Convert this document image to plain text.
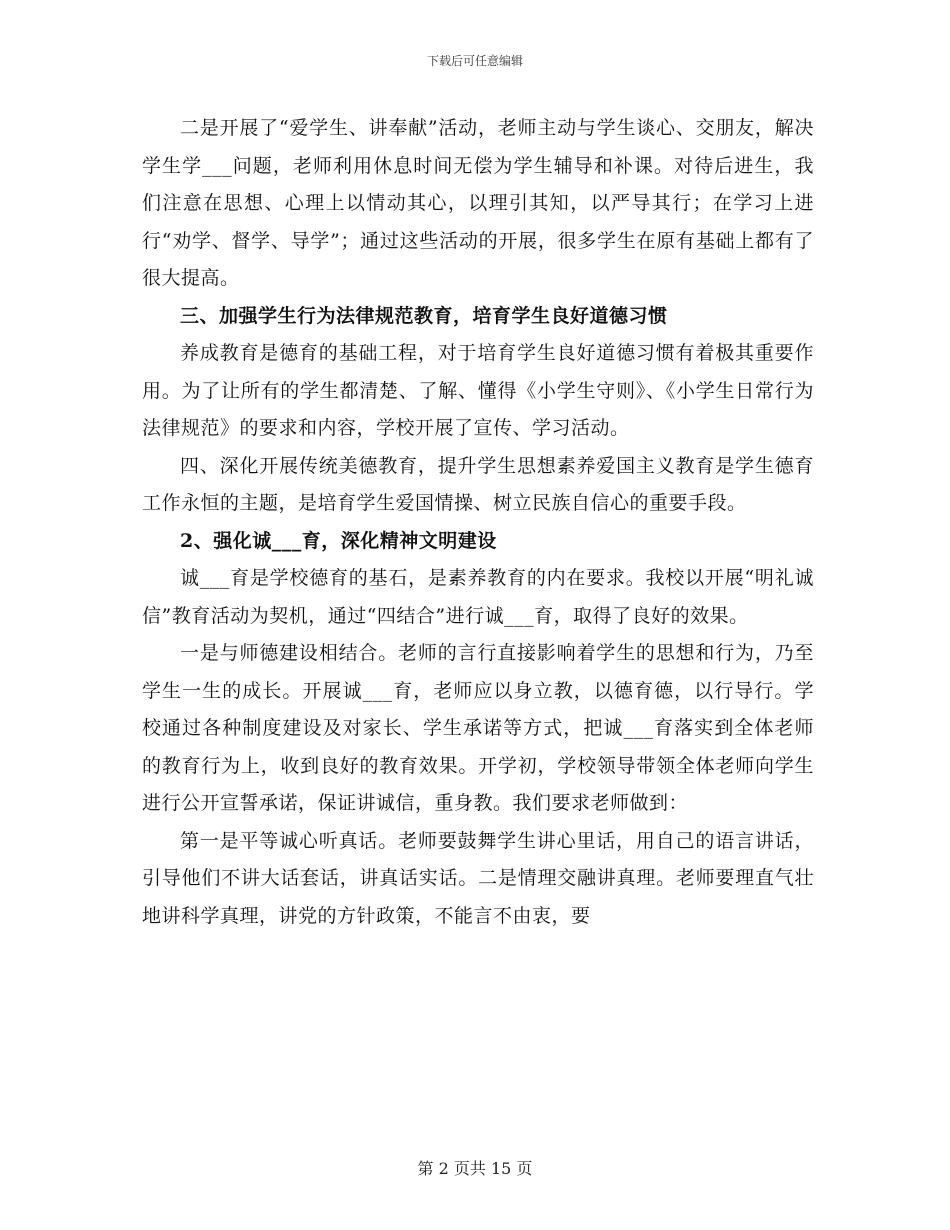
下载后可任意编辑

二是开展了“爱学生、讲奉献”活动，老师主动与学生谈心、交朋友，解决学生学___问题，老师利用休息时间无偿为学生辅导和补课。对待后进生，我们注意在思想、心理上以情动其心，以理引其知，以严导其行；在学习上进行“劝学、督学、导学”；通过这些活动的开展，很多学生在原有基础上都有了很大提高。

三、加强学生行为法律规范教育，培育学生良好道德习惯

养成教育是德育的基础工程，对于培育学生良好道德习惯有着极其重要作用。为了让所有的学生都清楚、了解、懂得《小学生守则》、《小学生日常行为法律规范》的要求和内容，学校开展了宣传、学习活动。

四、深化开展传统美德教育，提升学生思想素养爱国主义教育是学生德育工作永恒的主题，是培育学生爱国情操、树立民族自信心的重要手段。

2、强化诚___育，深化精神文明建设

诚___育是学校德育的基石，是素养教育的内在要求。我校以开展“明礼诚信”教育活动为契机，通过“四结合”进行诚___育，取得了良好的效果。

一是与师德建设相结合。老师的言行直接影响着学生的思想和行为，乃至学生一生的成长。开展诚___育，老师应以身立教，以德育德，以行导行。学校通过各种制度建设及对家长、学生承诺等方式，把诚___育落实到全体老师的教育行为上，收到良好的教育效果。开学初，学校领导带领全体老师向学生进行公开宣誓承诺，保证讲诚信，重身教。我们要求老师做到：

第一是平等诚心听真话。老师要鼓舞学生讲心里话，用自己的语言讲话，引导他们不讲大话套话，讲真话实话。二是情理交融讲真理。老师要理直气壮地讲科学真理，讲党的方针政策，不能言不由衷，要

第 2 页共 15 页
